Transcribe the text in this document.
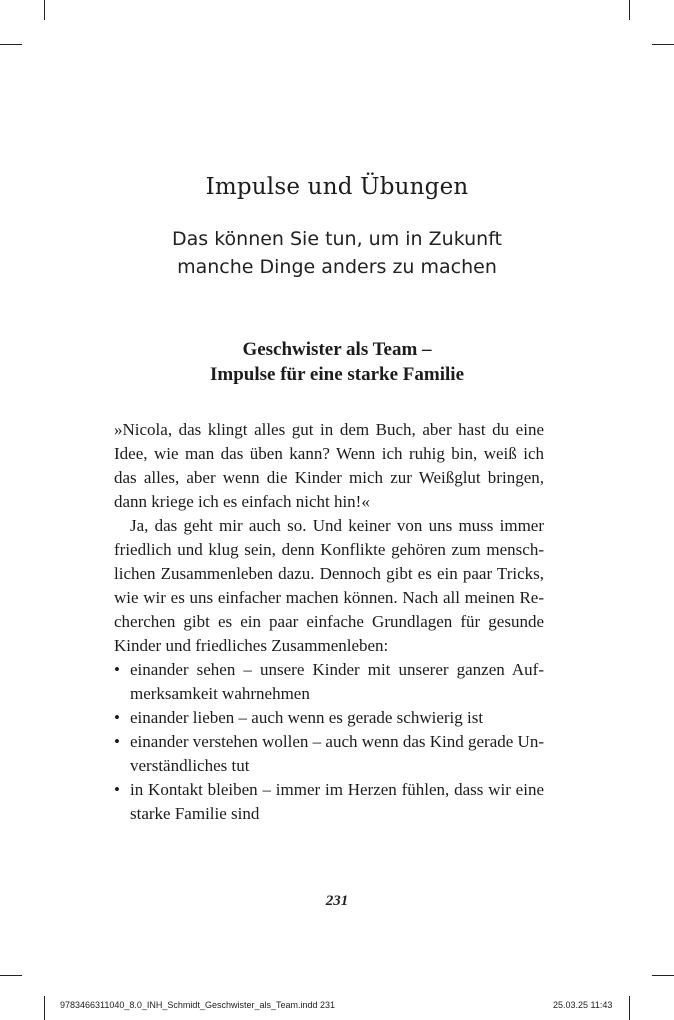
Impulse und Übungen
Das können Sie tun, um in Zukunft
manche Dinge anders zu machen
Geschwister als Team –
Impulse für eine starke Familie
»Nicola, das klingt alles gut in dem Buch, aber hast du eine
Idee, wie man das üben kann? Wenn ich ruhig bin, weiß ich
das alles, aber wenn die Kinder mich zur Weißglut bringen,
dann kriege ich es einfach nicht hin!«
Ja, das geht mir auch so. Und keiner von uns muss immer
friedlich und klug sein, denn Konflikte gehören zum mensch-
lichen Zusammenleben dazu. Dennoch gibt es ein paar Tricks,
wie wir es uns einfacher machen können. Nach all meinen Re-
cherchen gibt es ein paar einfache Grundlagen für gesunde
Kinder und friedliches Zusammenleben:
• einander sehen – unsere Kinder mit unserer ganzen Auf-
merksamkeit wahrnehmen
• einander lieben – auch wenn es gerade schwierig ist
• einander verstehen wollen – auch wenn das Kind gerade Un-
verständliches tut
• in Kontakt bleiben – immer im Herzen fühlen, dass wir eine
starke Familie sind
231
9783466311040_8.0_INH_Schmidt_Geschwister_als_Team.indd 231	25.03.25 11:43
